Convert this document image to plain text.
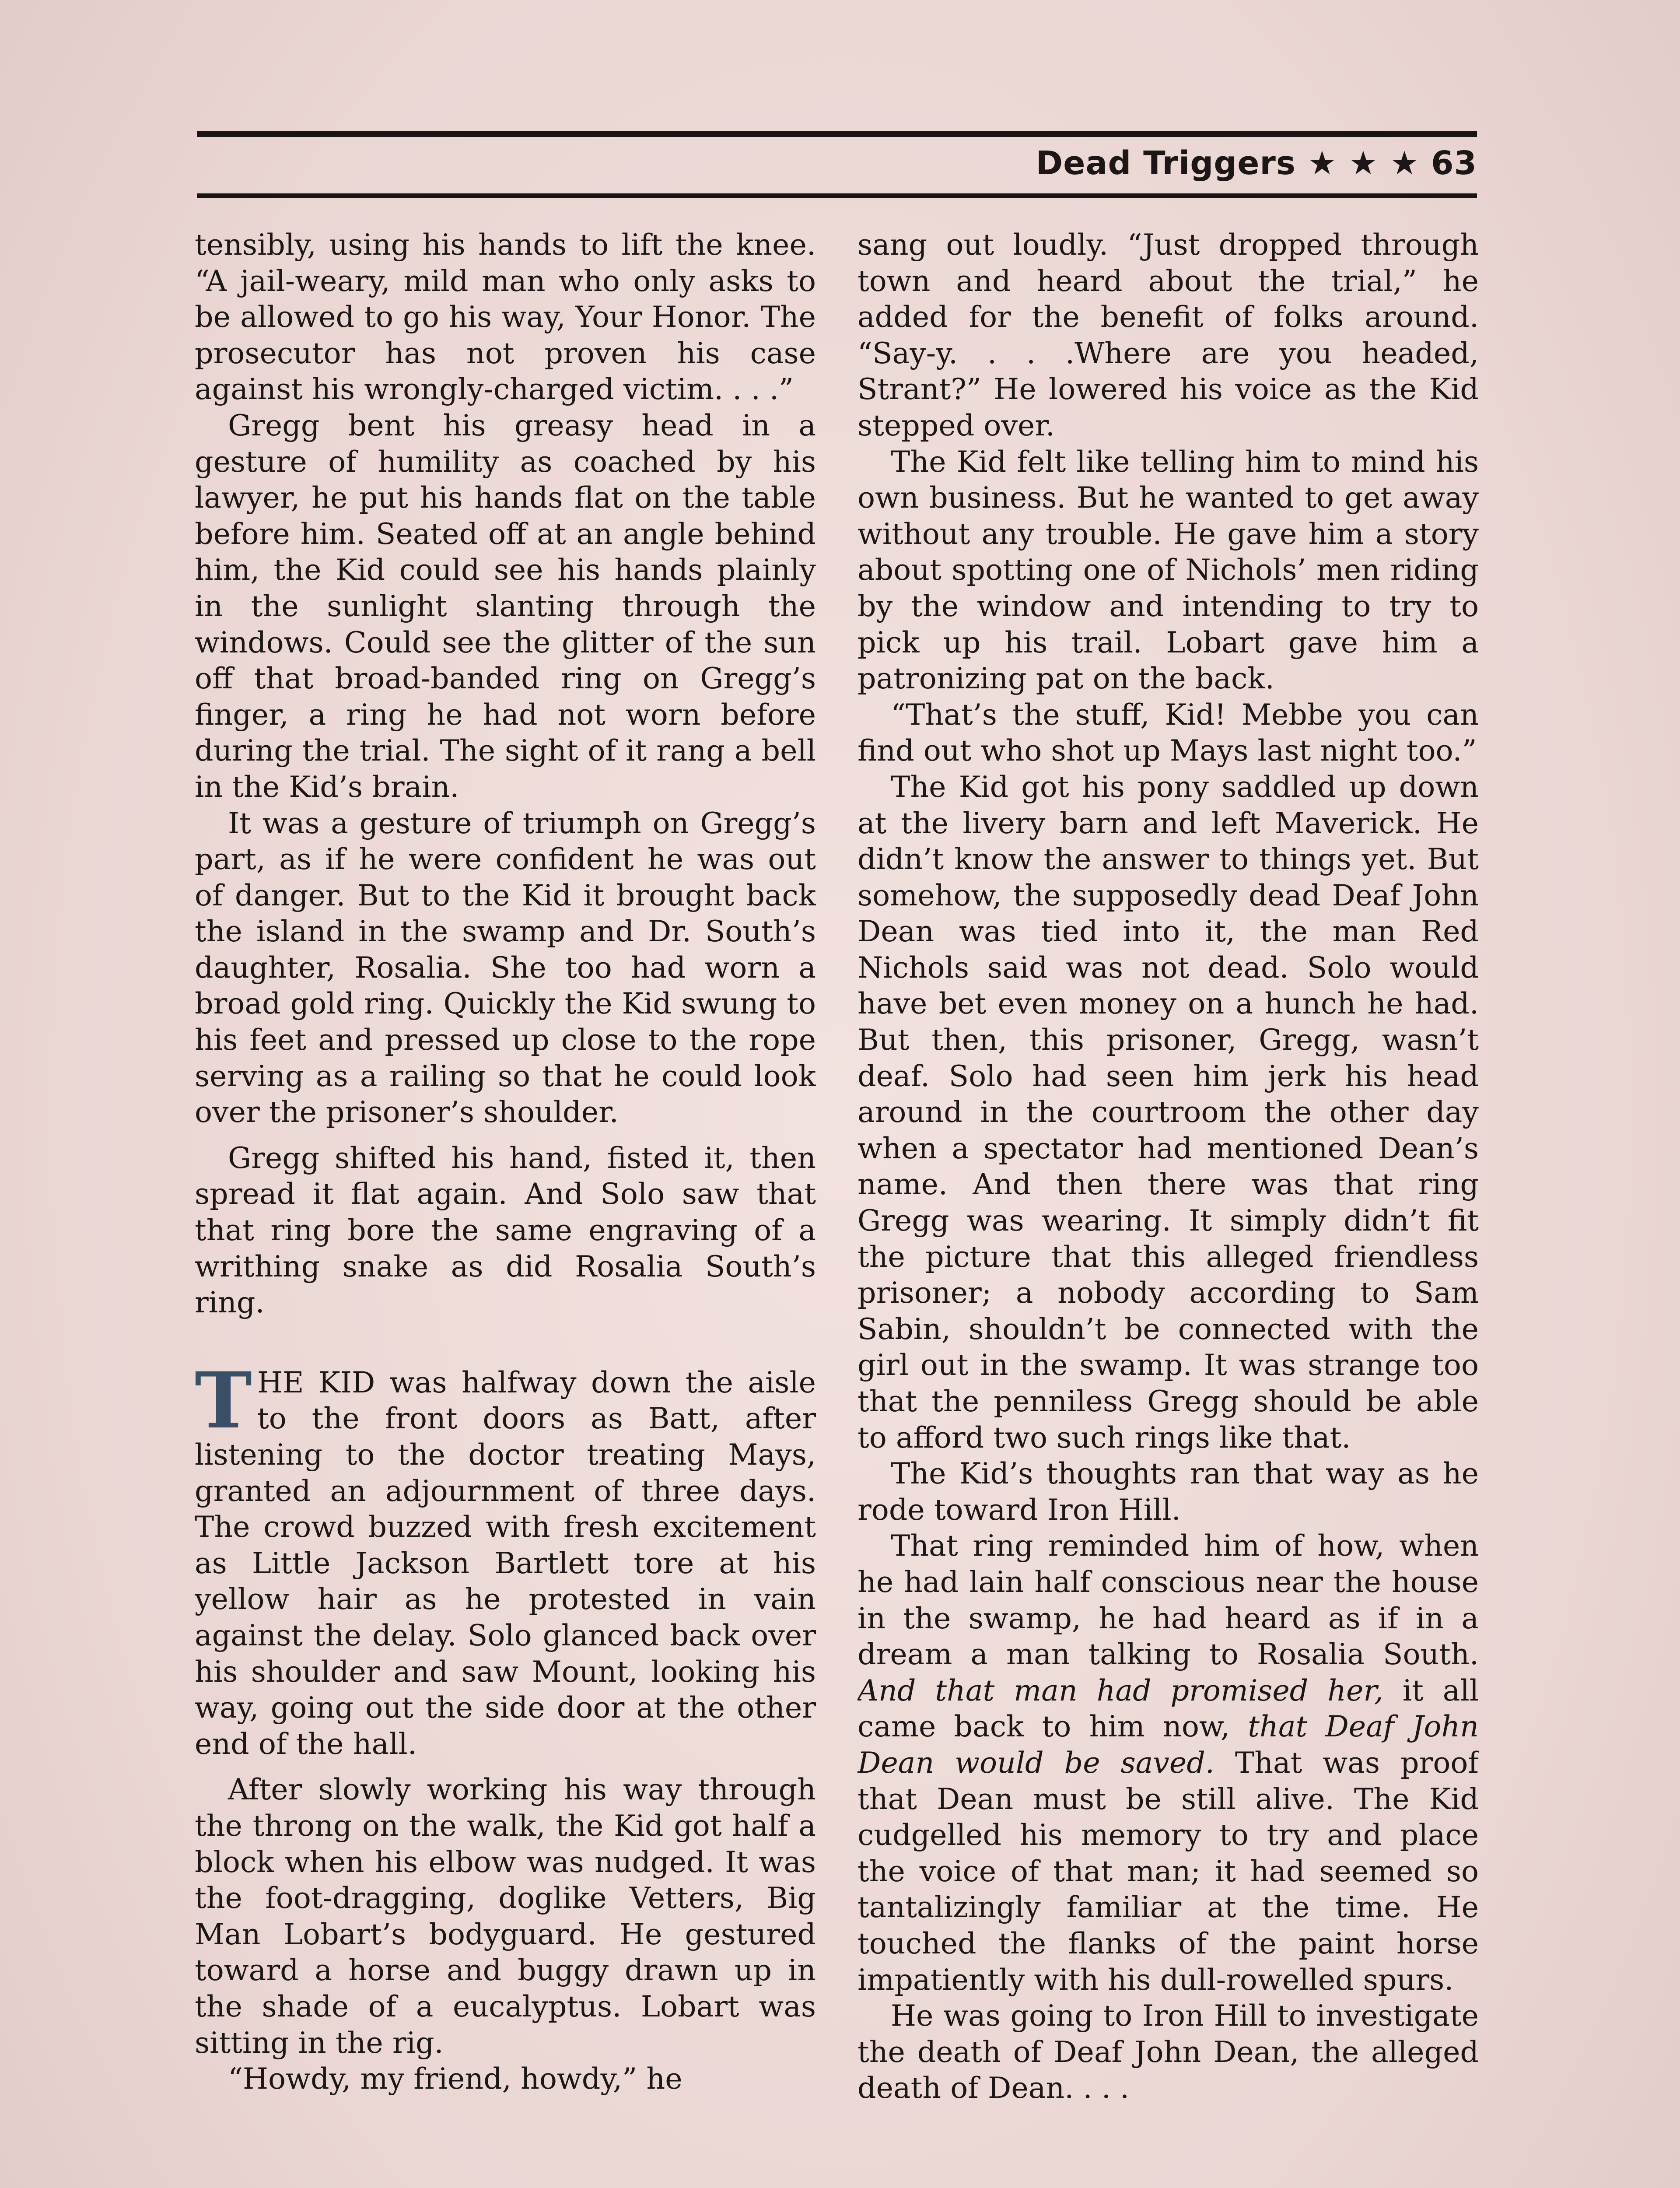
Dead Triggers ★ ★ ★ 63

tensibly, using his hands to lift the knee. “A jail-weary, mild man who only asks to be allowed to go his way, Your Honor. The prosecutor has not proven his case against his wrongly-charged victim. . . .”

Gregg bent his greasy head in a gesture of humility as coached by his lawyer, he put his hands flat on the table before him. Seated off at an angle behind him, the Kid could see his hands plainly in the sunlight slanting through the windows. Could see the glitter of the sun off that broad-banded ring on Gregg’s finger, a ring he had not worn before during the trial. The sight of it rang a bell in the Kid’s brain.

It was a gesture of triumph on Gregg’s part, as if he were confident he was out of danger. But to the Kid it brought back the island in the swamp and Dr. South’s daughter, Rosalia. She too had worn a broad gold ring. Quickly the Kid swung to his feet and pressed up close to the rope serving as a railing so that he could look over the prisoner’s shoulder.

Gregg shifted his hand, fisted it, then spread it flat again. And Solo saw that that ring bore the same engraving of a writhing snake as did Rosalia South’s ring.

THE KID was halfway down the aisle to the front doors as Batt, after listening to the doctor treating Mays, granted an adjournment of three days. The crowd buzzed with fresh excitement as Little Jackson Bartlett tore at his yellow hair as he protested in vain against the delay. Solo glanced back over his shoulder and saw Mount, looking his way, going out the side door at the other end of the hall.

After slowly working his way through the throng on the walk, the Kid got half a block when his elbow was nudged. It was the foot-dragging, doglike Vetters, Big Man Lobart’s bodyguard. He gestured toward a horse and buggy drawn up in the shade of a eucalyptus. Lobart was sitting in the rig.

“Howdy, my friend, howdy,” he

sang out loudly. “Just dropped through town and heard about the trial,” he added for the benefit of folks around. “Say-y. . . .Where are you headed, Strant?” He lowered his voice as the Kid stepped over.

The Kid felt like telling him to mind his own business. But he wanted to get away without any trouble. He gave him a story about spotting one of Nichols’ men riding by the window and intending to try to pick up his trail. Lobart gave him a patronizing pat on the back.

“That’s the stuff, Kid! Mebbe you can find out who shot up Mays last night too.”

The Kid got his pony saddled up down at the livery barn and left Maverick. He didn’t know the answer to things yet. But somehow, the supposedly dead Deaf John Dean was tied into it, the man Red Nichols said was not dead. Solo would have bet even money on a hunch he had. But then, this prisoner, Gregg, wasn’t deaf. Solo had seen him jerk his head around in the courtroom the other day when a spectator had mentioned Dean’s name. And then there was that ring Gregg was wearing. It simply didn’t fit the picture that this alleged friendless prisoner; a nobody according to Sam Sabin, shouldn’t be connected with the girl out in the swamp. It was strange too that the penniless Gregg should be able to afford two such rings like that.

The Kid’s thoughts ran that way as he rode toward Iron Hill.

That ring reminded him of how, when he had lain half conscious near the house in the swamp, he had heard as if in a dream a man talking to Rosalia South. And that man had promised her, it all came back to him now, that Deaf John Dean would be saved. That was proof that Dean must be still alive. The Kid cudgelled his memory to try and place the voice of that man; it had seemed so tantalizingly familiar at the time. He touched the flanks of the paint horse impatiently with his dull-rowelled spurs.

He was going to Iron Hill to investigate the death of Deaf John Dean, the alleged death of Dean. . . .
